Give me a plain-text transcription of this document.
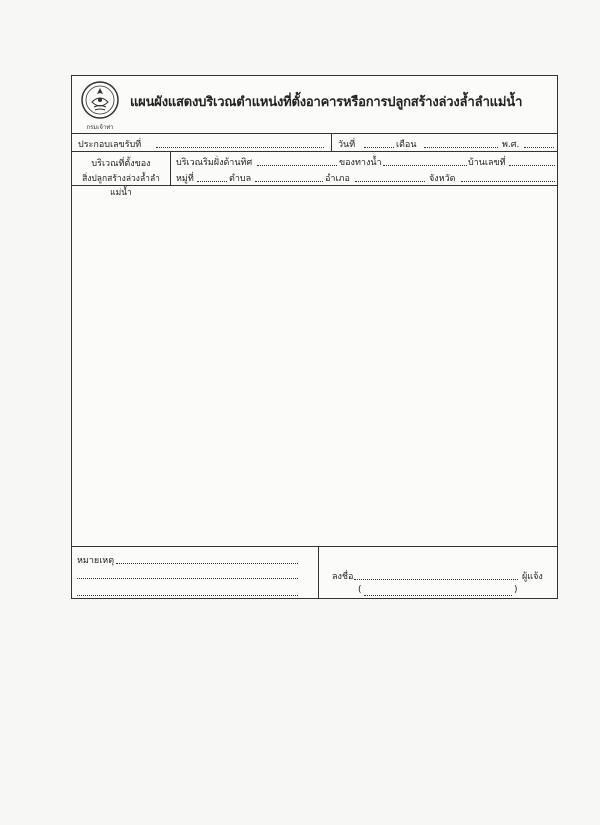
กรมเจ้าท่า
แผนผังแสดงบริเวณตำแหน่งที่ตั้งอาคารหรือการปลูกสร้างล่วงล้ำลำแม่น้ำ
ประกอบเลขรับที่	วันที่	เดือน	พ.ศ.
บริเวณที่ตั้งของ
สิ่งปลูกสร้างล่วงล้ำลำแม่น้ำ
บริเวณริมฝั่งด้านทิศ	ของทางน้ำ	บ้านเลขที่
หมู่ที่	ตำบล	อำเภอ	จังหวัด
หมายเหตุ
ลงชื่อ	ผู้แจ้ง
(	)
